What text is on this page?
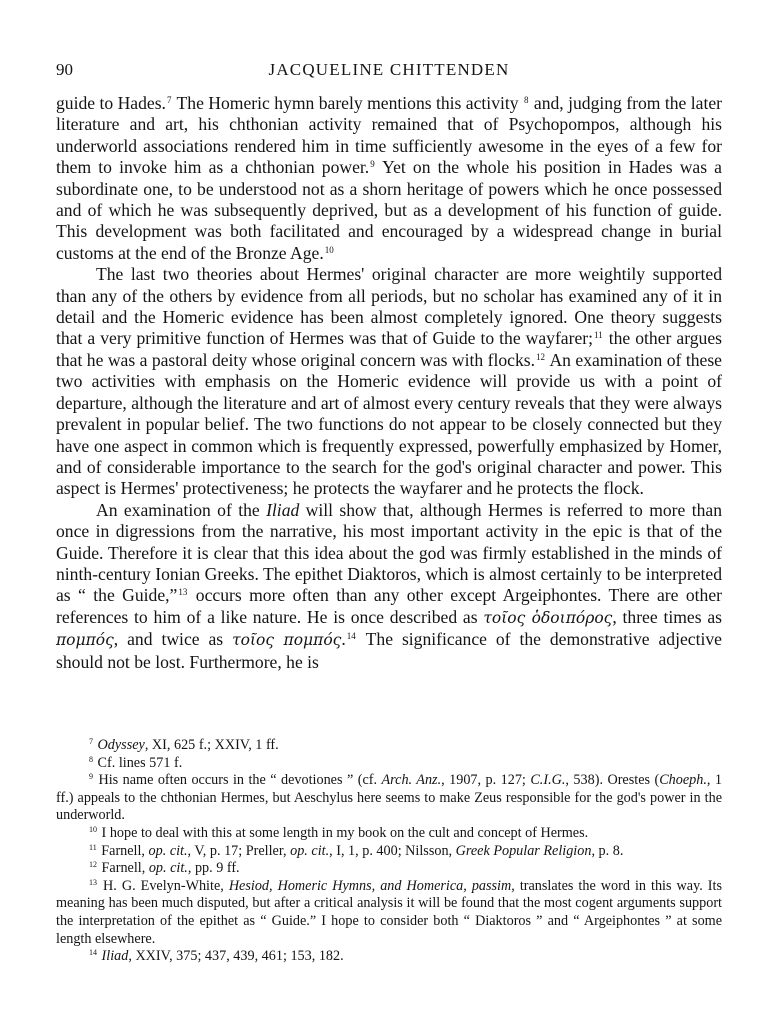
90	JACQUELINE CHITTENDEN

guide to Hades.$^7$ The Homeric hymn barely mentions this activity $^8$ and, judging from the later literature and art, his chthonian activity remained that of Psychopompos, although his underworld associations rendered him in time sufficiently awesome in the eyes of a few for them to invoke him as a chthonian power.$^9$ Yet on the whole his position in Hades was a subordinate one, to be understood not as a shorn heritage of powers which he once possessed and of which he was subsequently deprived, but as a development of his function of guide. This development was both facilitated and encouraged by a widespread change in burial customs at the end of the Bronze Age.$^{10}$

The last two theories about Hermes' original character are more weightily supported than any of the others by evidence from all periods, but no scholar has examined any of it in detail and the Homeric evidence has been almost completely ignored. One theory suggests that a very primitive function of Hermes was that of Guide to the wayfarer;$^{11}$ the other argues that he was a pastoral deity whose original concern was with flocks.$^{12}$ An examination of these two activities with emphasis on the Homeric evidence will provide us with a point of departure, although the literature and art of almost every century reveals that they were always prevalent in popular belief. The two functions do not appear to be closely connected but they have one aspect in common which is frequently expressed, powerfully emphasized by Homer, and of considerable importance to the search for the god's original character and power. This aspect is Hermes' protectiveness; he protects the wayfarer and he protects the flock.

An examination of the Iliad will show that, although Hermes is referred to more than once in digressions from the narrative, his most important activity in the epic is that of the Guide. Therefore it is clear that this idea about the god was firmly established in the minds of ninth-century Ionian Greeks. The epithet Diaktoros, which is almost certainly to be interpreted as “ the Guide,”$^{13}$ occurs more often than any other except Argeiphontes. There are other references to him of a like nature. He is once described as τοῖος ὁδοιπόρος, three times as πομπός, and twice as τοῖος πομπός.$^{14}$ The significance of the demonstrative adjective should not be lost. Furthermore, he is

$^7$ Odyssey, XI, 625 f.; XXIV, 1 ff.

$^8$ Cf. lines 571 f.

$^9$ His name often occurs in the “ devotiones ” (cf. Arch. Anz., 1907, p. 127; C.I.G., 538). Orestes (Choeph., 1 ff.) appeals to the chthonian Hermes, but Aeschylus here seems to make Zeus responsible for the god's power in the underworld.

$^{10}$ I hope to deal with this at some length in my book on the cult and concept of Hermes.

$^{11}$ Farnell, op. cit., V, p. 17; Preller, op. cit., I, 1, p. 400; Nilsson, Greek Popular Religion, p. 8.

$^{12}$ Farnell, op. cit., pp. 9 ff.

$^{13}$ H. G. Evelyn-White, Hesiod, Homeric Hymns, and Homerica, passim, translates the word in this way. Its meaning has been much disputed, but after a critical analysis it will be found that the most cogent arguments support the interpretation of the epithet as “ Guide.” I hope to consider both “ Diaktoros ” and “ Argeiphontes ” at some length elsewhere.

$^{14}$ Iliad, XXIV, 375; 437, 439, 461; 153, 182.
